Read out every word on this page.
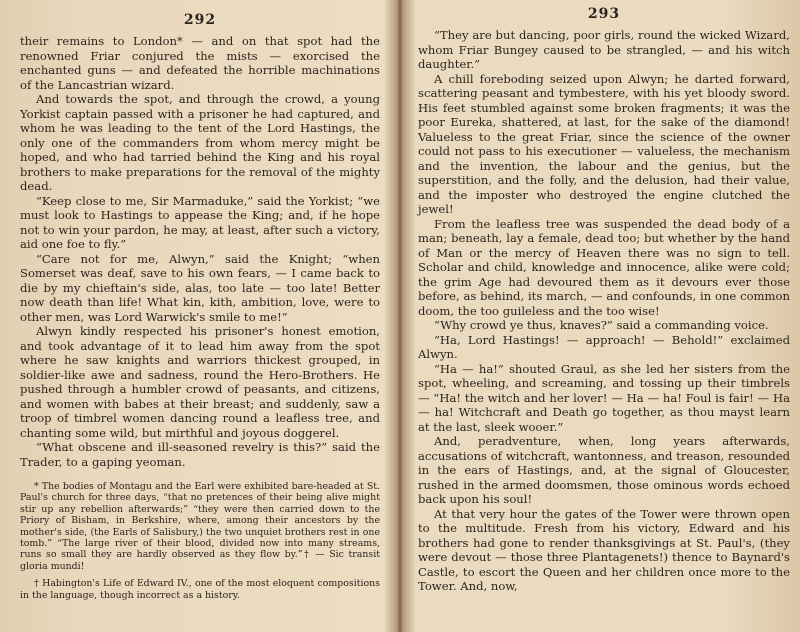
292

their remains to London* — and on that spot had the renowned Friar conjured the mists — exorcised the enchanted guns — and defeated the horrible machinations of the Lancastrian wizard.

And towards the spot, and through the crowd, a young Yorkist captain passed with a prisoner he had captured, and whom he was leading to the tent of the Lord Hastings, the only one of the commanders from whom mercy might be hoped, and who had tarried behind the King and his royal brothers to make preparations for the removal of the mighty dead.

“Keep close to me, Sir Marmaduke,” said the Yorkist; “we must look to Hastings to appease the King; and, if he hope not to win your pardon, he may, at least, after such a victory, aid one foe to fly.”

“Care not for me, Alwyn,” said the Knight; “when Somerset was deaf, save to his own fears, — I came back to die by my chieftain's side, alas, too late — too late! Better now death than life! What kin, kith, ambition, love, were to other men, was Lord Warwick's smile to me!”

Alwyn kindly respected his prisoner's honest emotion, and took advantage of it to lead him away from the spot where he saw knights and warriors thickest grouped, in soldier-like awe and sadness, round the Hero-Brothers. He pushed through a humbler crowd of peasants, and citizens, and women with babes at their breast; and suddenly, saw a troop of timbrel women dancing round a leafless tree, and chanting some wild, but mirthful and joyous doggerel.

“What obscene and ill-seasoned revelry is this?” said the Trader, to a gaping yeoman.

* The bodies of Montagu and the Earl were exhibited bare-headed at St. Paul's church for three days, “that no pretences of their being alive might stir up any rebellion afterwards;” “they were then carried down to the Priory of Bisham, in Berkshire, where, among their ancestors by the mother's side, (the Earls of Salisbury,) the two unquiet brothers rest in one tomb.” “The large river of their blood, divided now into many streams, runs so small they are hardly observed as they flow by.”† — Sic transit gloria mundi!

† Habington's Life of Edward IV., one of the most eloquent compositions in the language, though incorrect as a history.

293

“They are but dancing, poor girls, round the wicked Wizard, whom Friar Bungey caused to be strangled, — and his witch daughter.”

A chill foreboding seized upon Alwyn; he darted forward, scattering peasant and tymbestere, with his yet bloody sword. His feet stumbled against some broken fragments; it was the poor Eureka, shattered, at last, for the sake of the diamond! Valueless to the great Friar, since the science of the owner could not pass to his executioner — valueless, the mechanism and the invention, the labour and the genius, but the superstition, and the folly, and the delusion, had their value, and the imposter who destroyed the engine clutched the jewel!

From the leafless tree was suspended the dead body of a man; beneath, lay a female, dead too; but whether by the hand of Man or the mercy of Heaven there was no sign to tell. Scholar and child, knowledge and innocence, alike were cold; the grim Age had devoured them as it devours ever those before, as behind, its march, — and confounds, in one common doom, the too guileless and the too wise!

“Why crowd ye thus, knaves?” said a commanding voice.

“Ha, Lord Hastings! — approach! — Behold!” exclaimed Alwyn.

“Ha — ha!” shouted Graul, as she led her sisters from the spot, wheeling, and screaming, and tossing up their timbrels — “Ha! the witch and her lover! — Ha — ha! Foul is fair! — Ha — ha! Witchcraft and Death go together, as thou mayst learn at the last, sleek wooer.”

And, peradventure, when, long years afterwards, accusations of witchcraft, wantonness, and treason, resounded in the ears of Hastings, and, at the signal of Gloucester, rushed in the armed doomsmen, those ominous words echoed back upon his soul!

At that very hour the gates of the Tower were thrown open to the multitude. Fresh from his victory, Edward and his brothers had gone to render thanksgivings at St. Paul's, (they were devout — those three Plantagenets!) thence to Baynard's Castle, to escort the Queen and her children once more to the Tower. And, now,
